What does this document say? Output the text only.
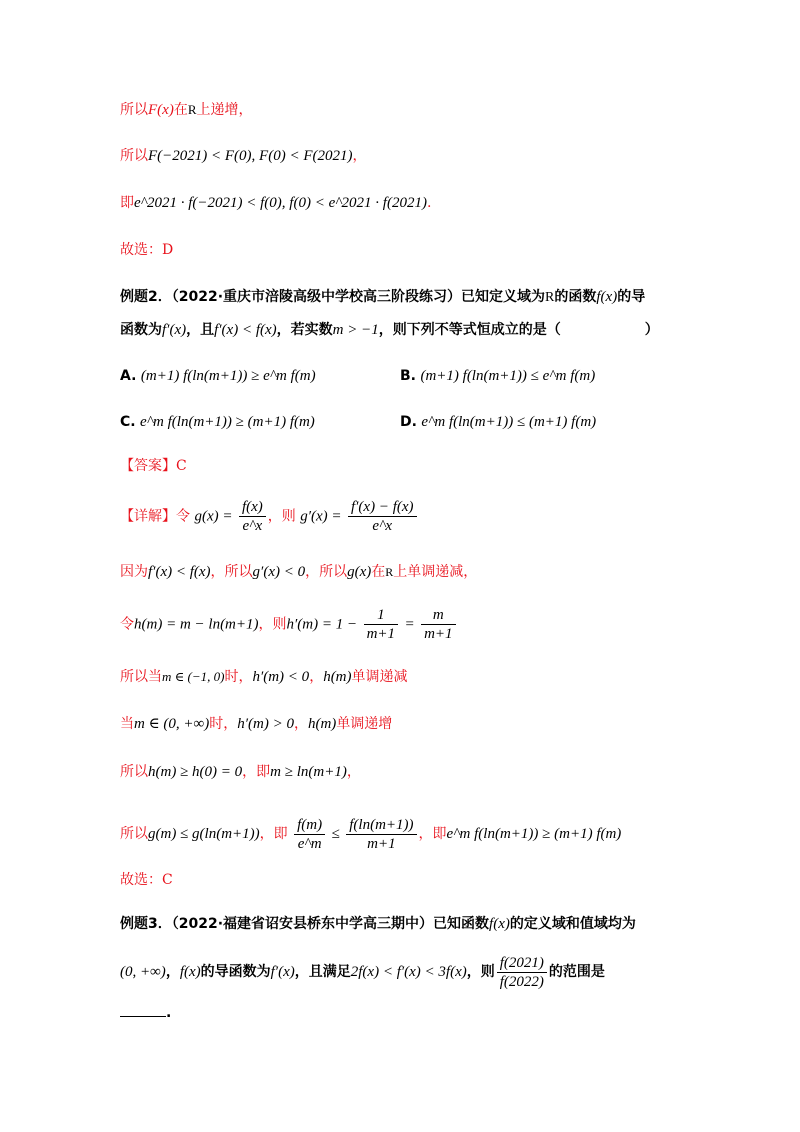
所以F(x)在R上递增，
所以F(−2021) < F(0), F(0) < F(2021)，
即e^2021 · f(−2021) < f(0), f(0) < e^2021 · f(2021).
故选：D
例题2．（2022·重庆市涪陵高级中学校高三阶段练习）已知定义域为R的函数f(x)的导
函数为f′(x)，且f′(x) < f(x)，若实数m > −1，则下列不等式恒成立的是（	）
A. (m+1) f(ln(m+1)) ≥ e^m f(m)	B. (m+1) f(ln(m+1)) ≤ e^m f(m)
C. e^m f(ln(m+1)) ≥ (m+1) f(m)	D. e^m f(ln(m+1)) ≤ (m+1) f(m)
【答案】C
【详解】令 $g(x) = \frac{f(x)}{e\^{}x}$ ，则 $g'(x) = \frac{f'(x) - f(x)}{e\^{}x}$
因为f′(x) < f(x)，所以g′(x) < 0，所以g(x)在R上单调递减，
令h(m) = m − ln(m+1)，则$h'(m) = 1 - \frac{1}{m+1} = \frac{m}{m+1}$
所以当m ∈ (−1, 0)时，h′(m) < 0，h(m)单调递减
当m ∈ (0, +∞)时，h′(m) > 0，h(m)单调递增
所以h(m) ≥ h(0) = 0，即m ≥ ln(m+1)，
所以g(m) ≤ g(ln(m+1))，即 $\frac{f(m)}{e\^{}m} \le \frac{f(\ln(m+1))}{m+1}$ ，即e^m f(ln(m+1)) ≥ (m+1) f(m)
故选：C
例题3．（2022·福建省诏安县桥东中学高三期中）已知函数f(x)的定义域和值域均为
(0, +∞)，f(x)的导函数为f′(x)，且满足2f(x) < f′(x) < 3f(x)，则 $\frac{f(2021)}{f(2022)}$ 的范围是
.
